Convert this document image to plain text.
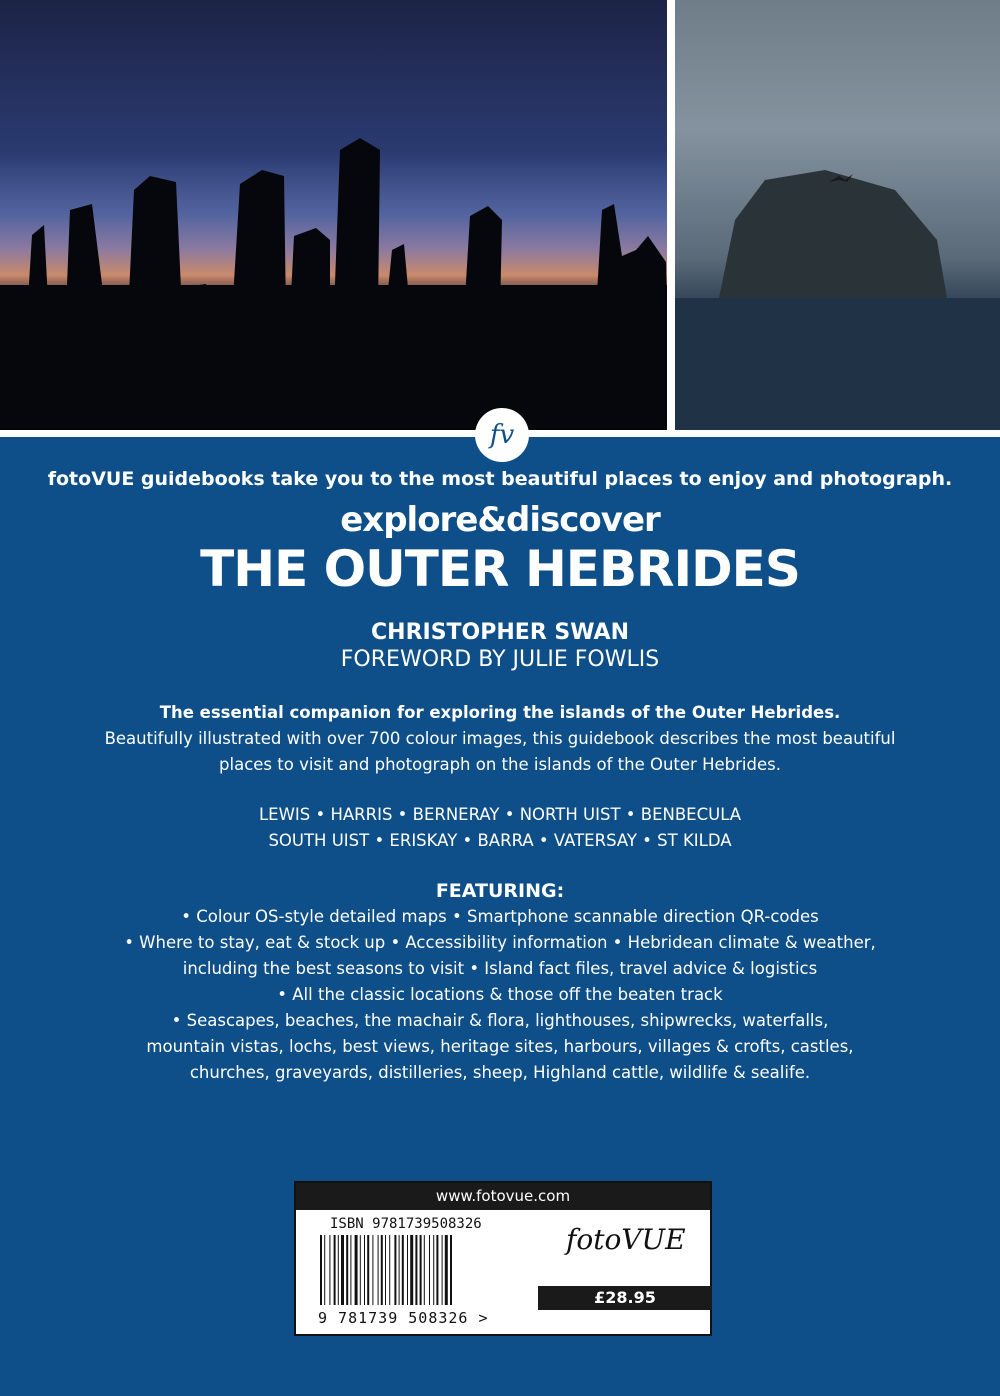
fv
fotoVUE guidebooks take you to the most beautiful places to enjoy and photograph.
explore&discover
THE OUTER HEBRIDES
CHRISTOPHER SWAN
FOREWORD BY JULIE FOWLIS
The essential companion for exploring the islands of the Outer Hebrides.
Beautifully illustrated with over 700 colour images, this guidebook describes the most beautiful
places to visit and photograph on the islands of the Outer Hebrides.
LEWIS • HARRIS • BERNERAY • NORTH UIST • BENBECULA
SOUTH UIST • ERISKAY • BARRA • VATERSAY • ST KILDA
FEATURING:
• Colour OS-style detailed maps • Smartphone scannable direction QR-codes
• Where to stay, eat & stock up • Accessibility information • Hebridean climate & weather,
including the best seasons to visit • Island fact files, travel advice & logistics
• All the classic locations & those off the beaten track
• Seascapes, beaches, the machair & flora, lighthouses, shipwrecks, waterfalls,
mountain vistas, lochs, best views, heritage sites, harbours, villages & crofts, castles,
churches, graveyards, distilleries, sheep, Highland cattle, wildlife & sealife.
www.fotovue.com
ISBN 9781739508326
9 781739 508326 >
fotoVUE
£28.95
